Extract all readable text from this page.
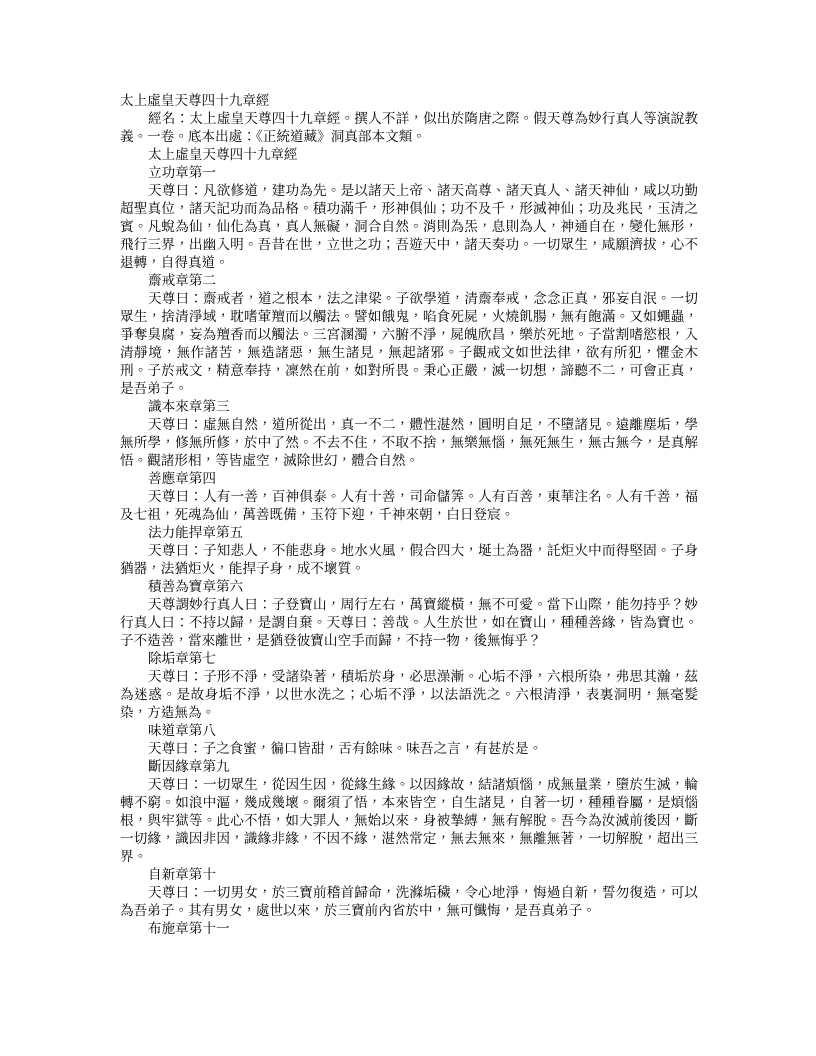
太上虛皇天尊四十九章經
經名：太上虛皇天尊四十九章經。撰人不詳，似出於隋唐之際。假天尊為妙行真人等演說教義。一卷。底本出處：《正統道藏》洞真部本文類。
太上虛皇天尊四十九章經
立功章第一
天尊曰：凡欲修道，建功為先。是以諸天上帝、諸天高尊、諸天真人、諸天神仙，咸以功勤超聖真位，諸天記功而為品格。積功滿千，形神俱仙；功不及千，形滅神仙；功及兆民，玉清之賓。凡蛻為仙，仙化為真，真人無礙，洞合自然。消則為炁，息則為人，神通自在，變化無形，飛行三界，出幽入明。吾昔在世，立世之功；吾遊天中，諸天奏功。一切眾生，咸願濟拔，心不退轉，自得真道。
齋戒章第二
天尊曰：齋戒者，道之根本，法之津梁。子欲學道，清齋奉戒，念念正真，邪妄自泯。一切眾生，捨清淨域，耽嗜葷羶而以觸法。譬如餓鬼，啗食死屍，火燒飢腸，無有飽滿。又如蠅蟲，爭奪臭腐，妄為羶香而以觸法。三宮溷濁，六腑不淨，屍魄欣昌，樂於死地。子當割嗜慾根，入清靜境，無作諸苦，無造諸惡，無生諸見，無起諸邪。子觀戒文如世法律，欲有所犯，懼金木刑。子於戒文，精意奉持，凜然在前，如對所畏。秉心正嚴，滅一切想，諦聽不二，可會正真，是吾弟子。
識本來章第三
天尊曰：虛無自然，道所從出，真一不二，體性湛然，圓明自足，不墮諸見。遠離塵垢，學無所學，修無所修，於中了然。不去不住，不取不捨，無樂無惱，無死無生，無古無今，是真解悟。觀諸形相，等皆虛空，滅除世幻，體合自然。
善應章第四
天尊曰：人有一善，百神俱泰。人有十善，司命儲筭。人有百善，東華注名。人有千善，福及七祖，死魂為仙，萬善既備，玉符下迎，千神來朝，白日登宸。
法力能捍章第五
天尊曰：子知悲人，不能悲身。地水火風，假合四大，埏土為器，託炬火中而得堅固。子身猶器，法猶炬火，能捍子身，成不壞質。
積善為寶章第六
天尊謂妙行真人曰：子登寶山，周行左右，萬寶縱橫，無不可愛。當下山際，能勿持乎？妙行真人曰：不持以歸，是謂自棄。天尊曰：善哉。人生於世，如在寶山，種種善緣，皆為寶也。子不造善，當來離世，是猶登彼寶山空手而歸，不持一物，後無悔乎？
除垢章第七
天尊曰：子形不淨，受諸染著，積垢於身，必思澡漸。心垢不淨，六根所染，弗思其瀚，茲為迷惑。是故身垢不淨，以世水洗之；心垢不淨，以法語洗之。六根清淨，表裏洞明，無毫髮染，方造無為。
味道章第八
天尊曰：子之食蜜，徧口皆甜，舌有餘味。味吾之言，有甚於是。
斷因緣章第九
天尊曰：一切眾生，從因生因，從緣生緣。以因緣故，結諸煩惱，成無量業，墮於生滅，輪轉不窮。如浪中漚，幾成幾壞。爾須了悟，本來皆空，自生諸見，自著一切，種種眷屬，是煩惱根，與牢獄等。此心不悟，如大罪人，無始以來，身被摯縛，無有解脫。吾今為汝滅前後因，斷一切緣，識因非因，識緣非緣，不因不緣，湛然常定，無去無來，無離無著，一切解脫，超出三界。
自新章第十
天尊曰：一切男女，於三寶前稽首歸命，洗滌垢穢，令心地淨，悔過自新，誓勿復造，可以為吾弟子。其有男女，處世以來，於三寶前內省於中，無可懺悔，是吾真弟子。
布施章第十一
